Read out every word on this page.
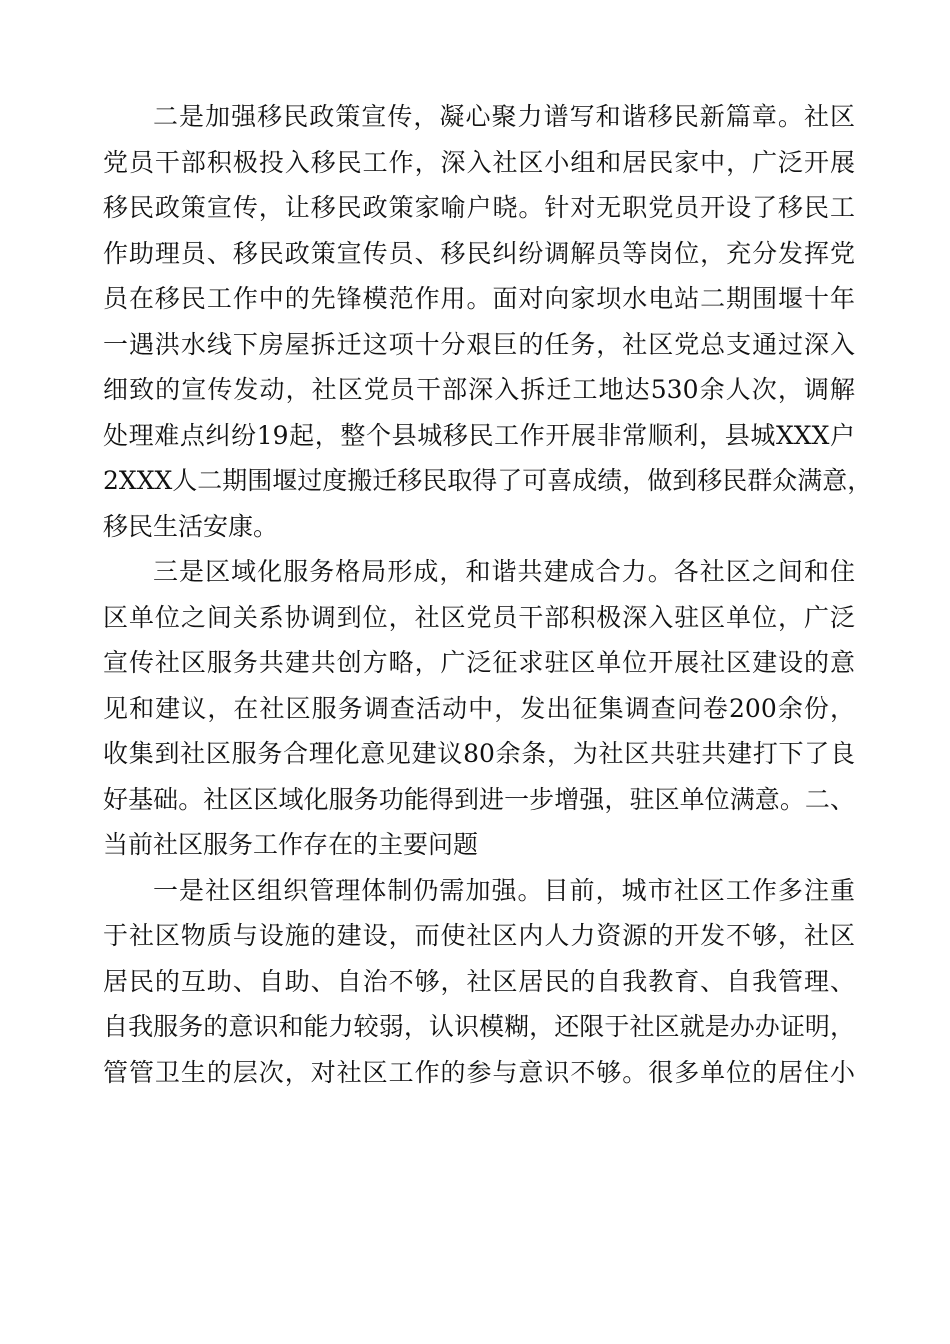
二是加强移民政策宣传，凝心聚力谱写和谐移民新篇章。社区
党员干部积极投入移民工作，深入社区小组和居民家中，广泛开展
移民政策宣传，让移民政策家喻户晓。针对无职党员开设了移民工
作助理员、移民政策宣传员、移民纠纷调解员等岗位，充分发挥党
员在移民工作中的先锋模范作用。面对向家坝水电站二期围堰十年
一遇洪水线下房屋拆迁这项十分艰巨的任务，社区党总支通过深入
细致的宣传发动，社区党员干部深入拆迁工地达530余人次，调解
处理难点纠纷19起，整个县城移民工作开展非常顺利，县城XXX户
2XXX人二期围堰过度搬迁移民取得了可喜成绩，做到移民群众满意，
移民生活安康。

三是区域化服务格局形成，和谐共建成合力。各社区之间和住
区单位之间关系协调到位，社区党员干部积极深入驻区单位，广泛
宣传社区服务共建共创方略，广泛征求驻区单位开展社区建设的意
见和建议，在社区服务调查活动中，发出征集调查问卷200余份，
收集到社区服务合理化意见建议80余条，为社区共驻共建打下了良
好基础。社区区域化服务功能得到进一步增强，驻区单位满意。二、
当前社区服务工作存在的主要问题

一是社区组织管理体制仍需加强。目前，城市社区工作多注重
于社区物质与设施的建设，而使社区内人力资源的开发不够，社区
居民的互助、自助、自治不够，社区居民的自我教育、自我管理、
自我服务的意识和能力较弱，认识模糊，还限于社区就是办办证明，
管管卫生的层次，对社区工作的参与意识不够。很多单位的居住小
